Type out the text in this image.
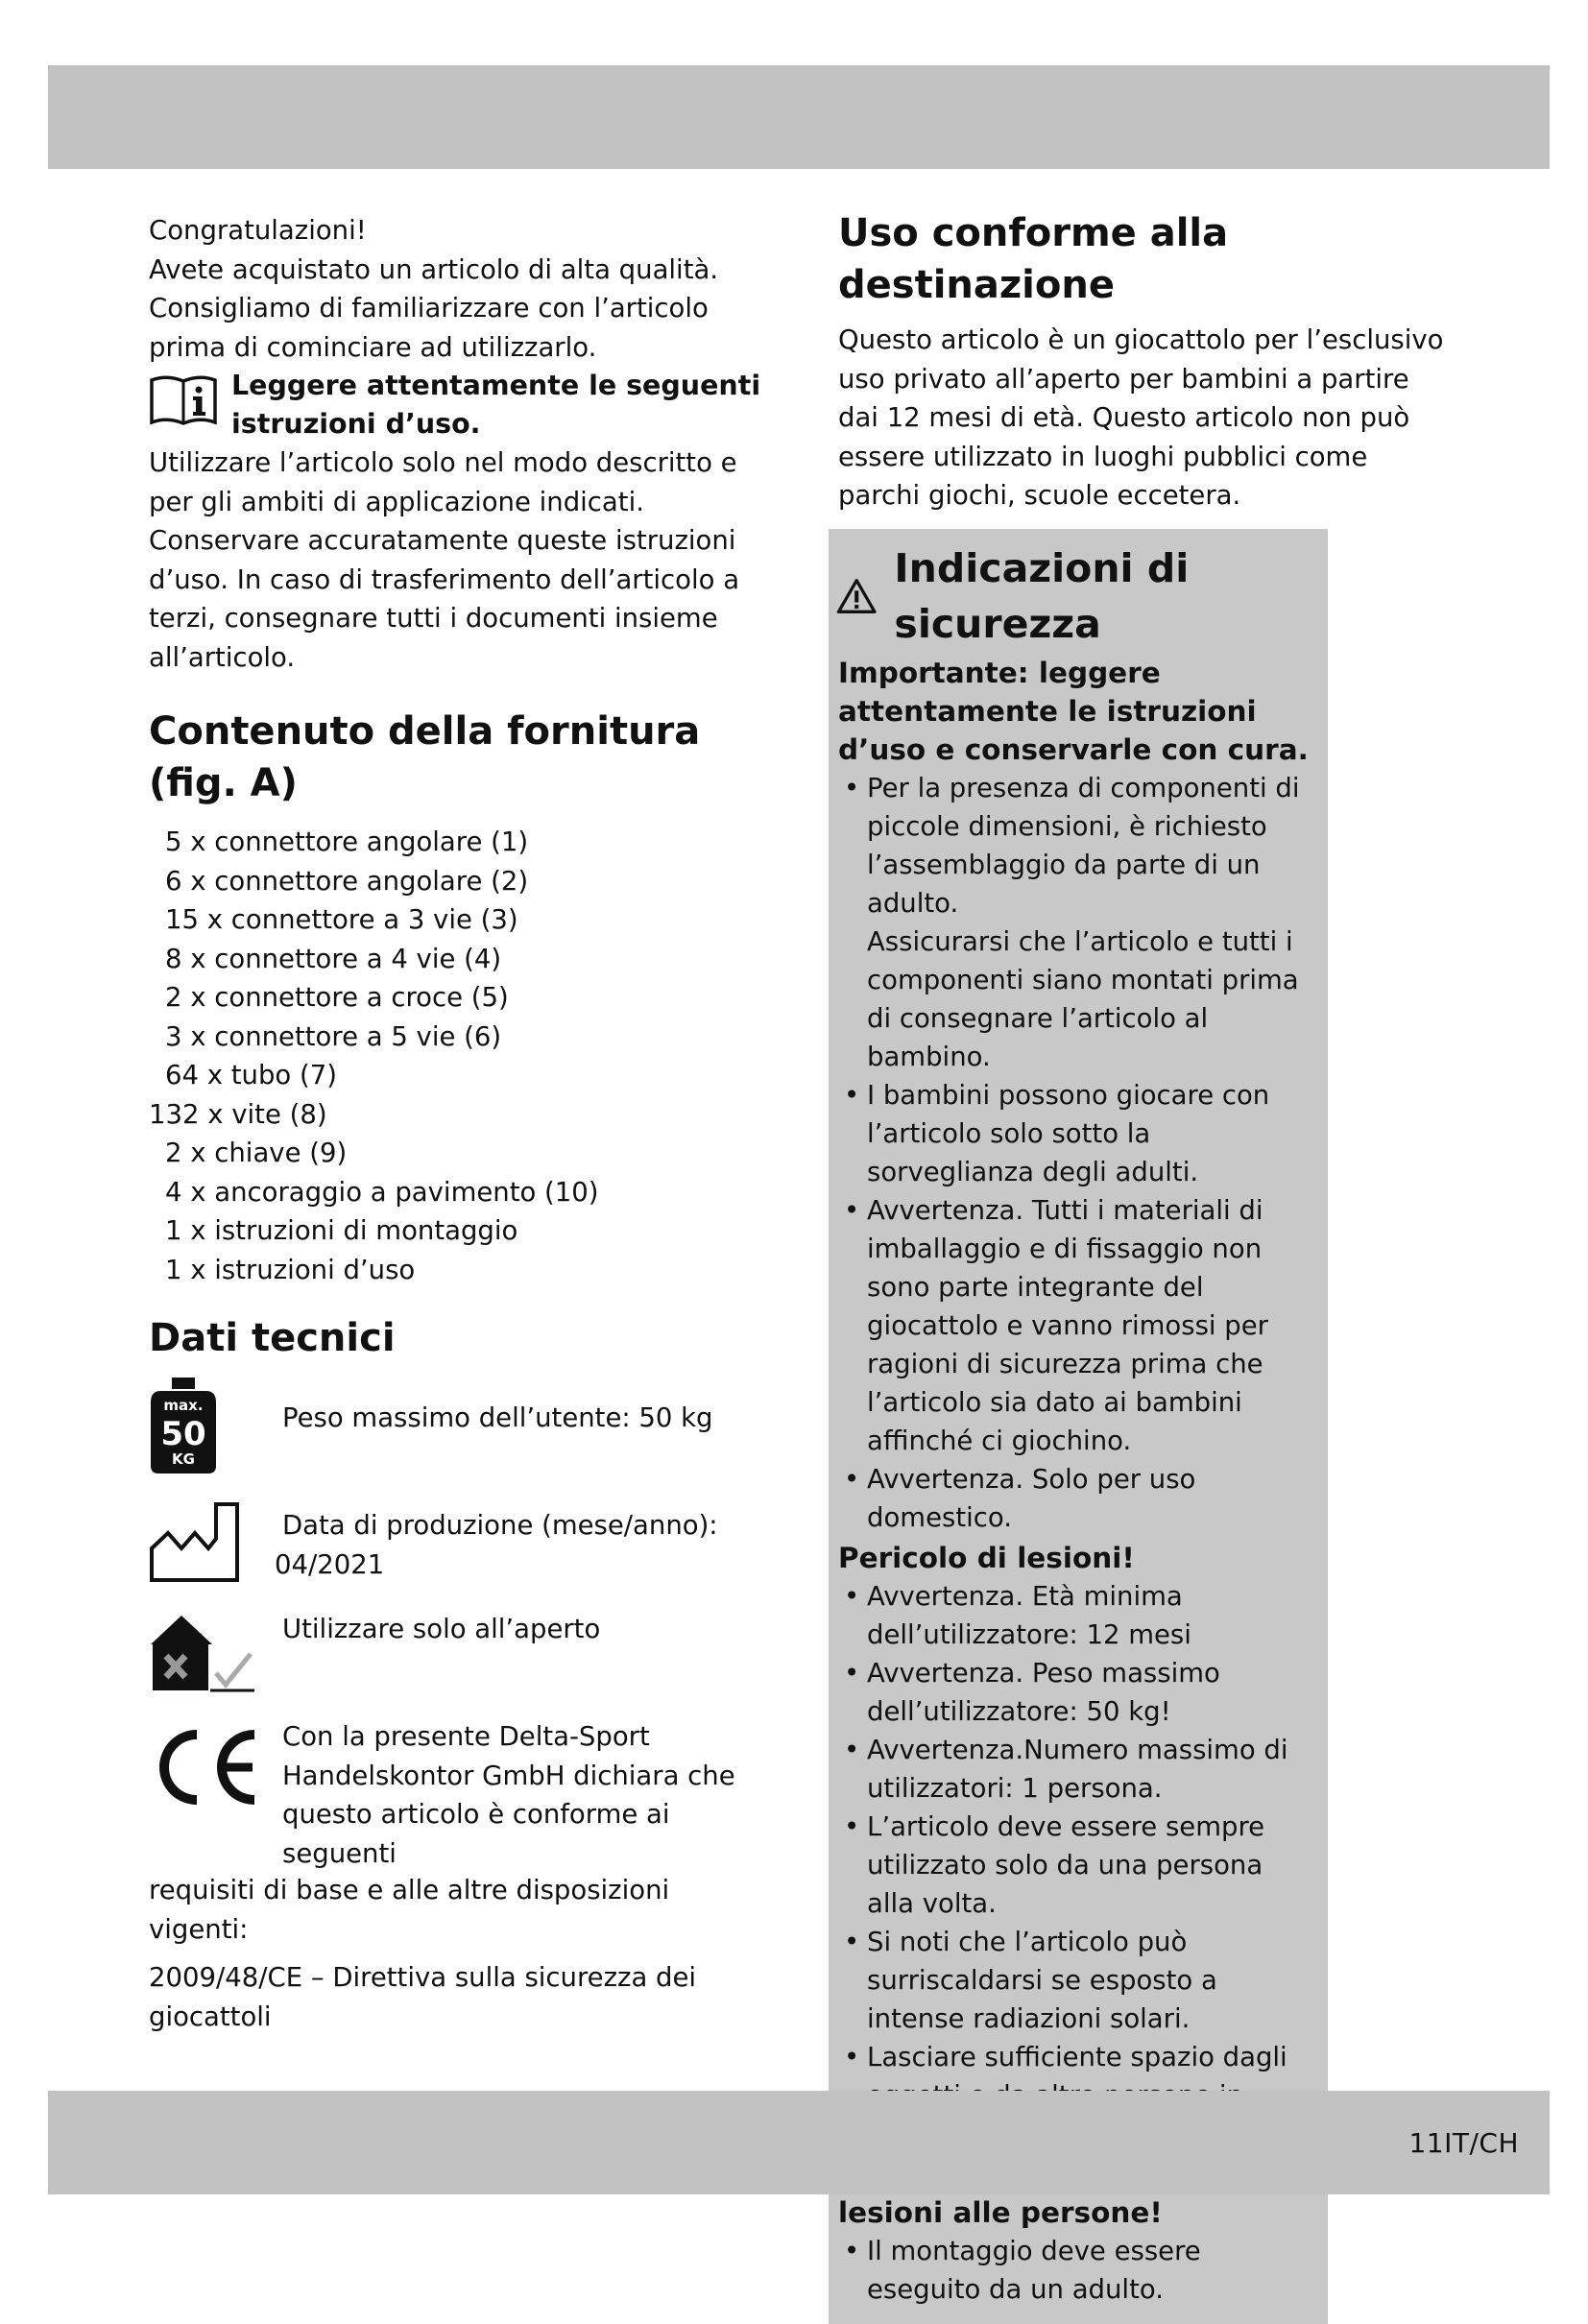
Congratulazioni!

Avete acquistato un articolo di alta qualità. Consigliamo di familiarizzare con l’articolo prima di cominciare ad utilizzarlo.

Leggere attentamente le seguenti istruzioni d’uso.

Utilizzare l’articolo solo nel modo descritto e per gli ambiti di applicazione indicati. Conservare accuratamente queste istruzioni d’uso. In caso di trasferimento dell’articolo a terzi, consegnare tutti i documenti insieme all’articolo.

Contenuto della fornitura (fig. A)
5 x connettore angolare (1)
6 x connettore angolare (2)
15 x connettore a 3 vie (3)
8 x connettore a 4 vie (4)
2 x connettore a croce (5)
3 x connettore a 5 vie (6)
64 x tubo (7)
132 x vite (8)
2 x chiave (9)
4 x ancoraggio a pavimento (10)
1 x istruzioni di montaggio
1 x istruzioni d’uso
Dati tecnici
max.
50
KG

Peso massimo dell’utente: 50 kg

Data di produzione (mese/anno):

04/2021

Utilizzare solo all’aperto

Con la presente Delta-Sport Handelskontor GmbH dichiara che questo articolo è conforme ai seguenti

requisiti di base e alle altre disposizioni vigenti:

2009/48/CE – Direttiva sulla sicurezza dei giocattoli

Uso conforme alla destinazione

Questo articolo è un giocattolo per l’esclusivo uso privato all’aperto per bambini a partire dai 12 mesi di età. Questo articolo non può essere utilizzato in luoghi pubblici come parchi giochi, scuole eccetera.

Indicazioni di sicurezza
Importante: leggere attentamente le istruzioni d’uso e conservarle con cura.
• Per la presenza di componenti di piccole dimensioni, è richiesto l’assemblaggio da parte di un adulto.
Assicurarsi che l’articolo e tutti i componenti siano montati prima di consegnare l’articolo al bambino.
• I bambini possono giocare con l’articolo solo sotto la sorveglianza degli adulti.
• Avvertenza. Tutti i materiali di imballaggio e di fissaggio non sono parte integrante del giocattolo e vanno rimossi per ragioni di sicurezza prima che l’articolo sia dato ai bambini affinché ci giochino.
• Avvertenza. Solo per uso domestico.
Pericolo di lesioni!
• Avvertenza. Età minima dell’utilizzatore: 12 mesi
• Avvertenza. Peso massimo dell’utilizzatore: 50 kg!
• Avvertenza.Numero massimo di utilizzatori: 1 persona.
• L’articolo deve essere sempre utilizzato solo da una persona alla volta.
• Si noti che l’articolo può surriscaldarsi se esposto a intense radiazioni solari.
• Lasciare sufficiente spazio dagli
lesioni alle persone!
• Il montaggio deve essere eseguito da un adulto.
11IT/CH
